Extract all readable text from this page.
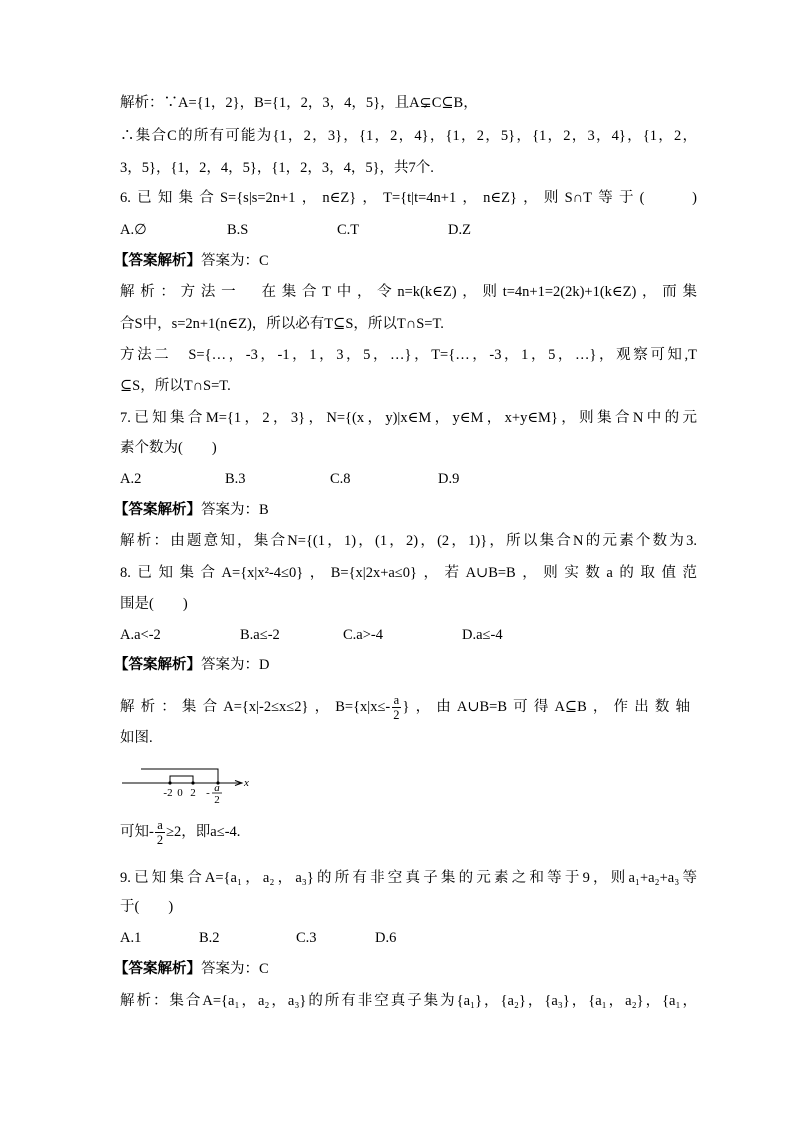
解析：∵A={1，2}，B={1，2，3，4，5}，且A⊊C⊆B，
∴集合C的所有可能为{1，2，3}，{1，2，4}，{1，2，5}，{1，2，3，4}，{1，2，
3，5}，{1，2，4，5}，{1，2，3，4，5}，共7个.
6.已知集合S={s|s=2n+1，n∈Z}，T={t|t=4n+1，n∈Z}，则S∩T等于(　　)
A.∅	B.S	C.T	D.Z
【答案解析】答案为：C
解析：方法一　在集合T中，令n=k(k∈Z)，则t=4n+1=2(2k)+1(k∈Z)，而集
合S中，s=2n+1(n∈Z)，所以必有T⊆S，所以T∩S=T.
方法二　S={…，-3，-1，1，3，5，…}，T={…，-3，1，5，…}，观察可知,T
⊆S，所以T∩S=T.
7.已知集合M={1，2，3}，N={(x，y)|x∈M，y∈M，x+y∈M}，则集合N中的元
素个数为(　　)
A.2	B.3	C.8	D.9
【答案解析】答案为：B
解析：由题意知，集合N={(1，1)，(1，2)，(2，1)}，所以集合N的元素个数为3.
8.已知集合A={x|x²-4≤0}，B={x|2x+a≤0}，若A∪B=B，则实数a的取值范
围是(　　)
A.a<-2	B.a≤-2	C.a>-4	D.a≤-4
【答案解析】答案为：D
解析：集合A={x|-2≤x≤2}，$B=\{x|x\le- \frac{a}{2}$ }，由A∪B=B可得A⊆B，作出数轴
如图.
x
-2 0 2 - a
2
可知- $\frac{a}{2} \ge 2$，即a≤-4.
9.已知集合A={a₁，a₂，a₃}的所有非空真子集的元素之和等于9，则a₁+a₂+a₃等
于(　　)
A.1	B.2	C.3	D.6
【答案解析】答案为：C
解析：集合A={a₁，a₂，a₃}的所有非空真子集为{a₁}，{a₂}，{a₃}，{a₁，a₂}，{a₁，
